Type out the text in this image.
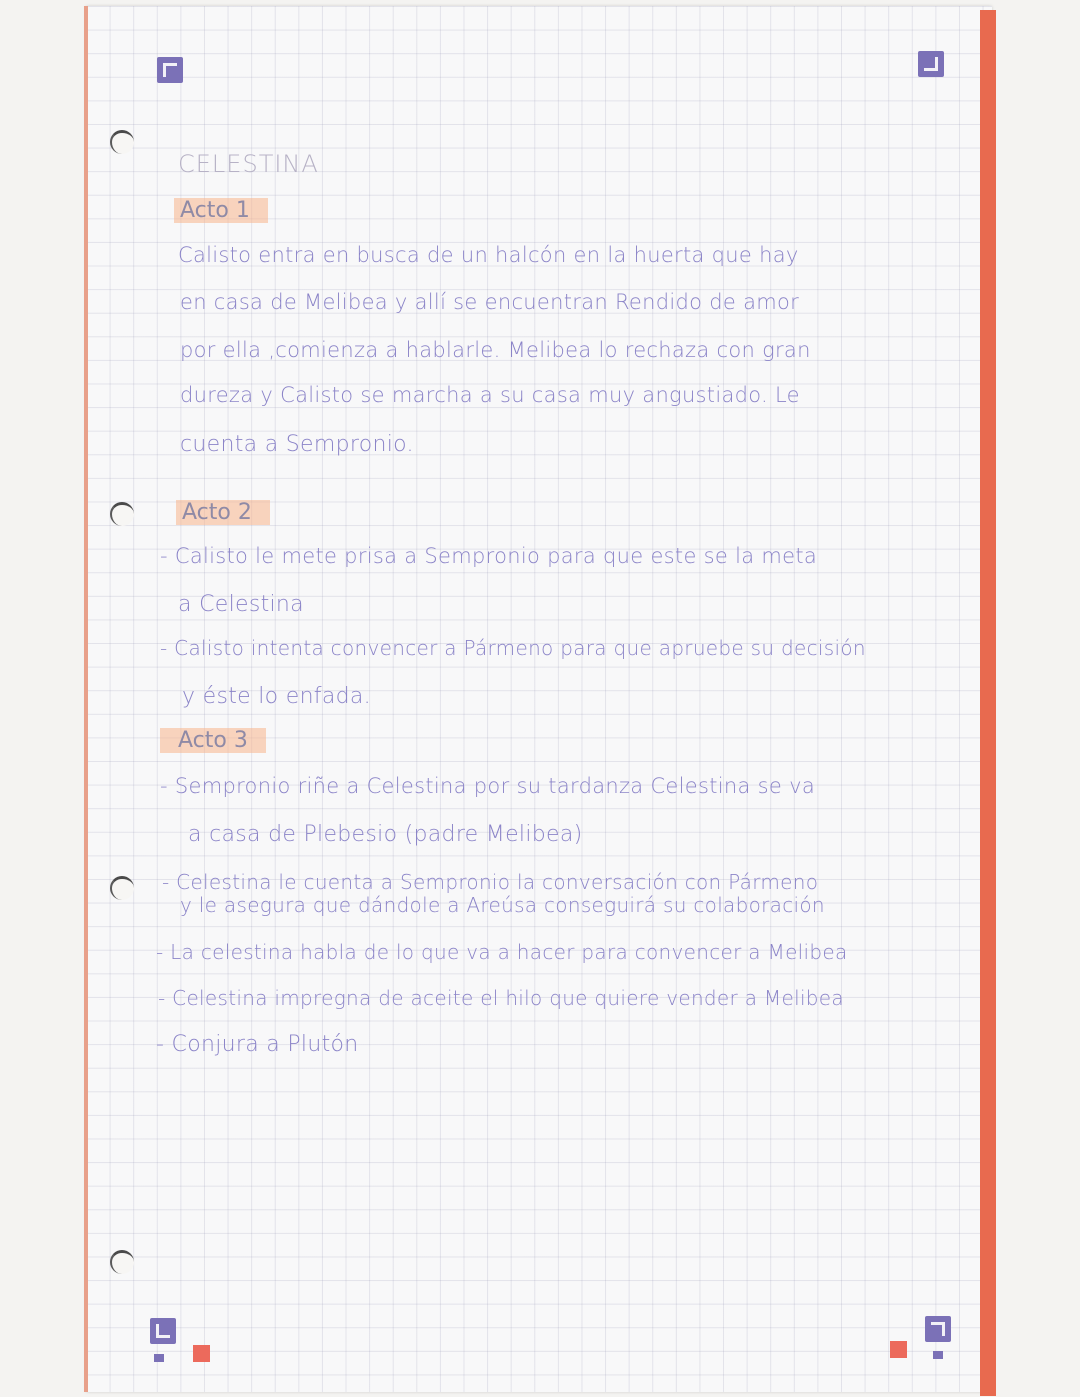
CELESTINA
Acto 1
Calisto entra en busca de un halcón en la huerta que hay
en casa de Melibea y allí se encuentran Rendido de amor
por ella ,comienza a hablarle. Melibea lo rechaza con gran
dureza y Calisto se marcha a su casa muy angustiado. Le
cuenta a Sempronio.
Acto 2
- Calisto le mete prisa a Sempronio para que este se la meta
a Celestina
- Calisto intenta convencer a Pármeno para que apruebe su decisión
y éste lo enfada.
Acto 3
- Sempronio riñe a Celestina por su tardanza Celestina se va
a casa de Plebesio (padre Melibea)
- Celestina le cuenta a Sempronio la conversación con Pármeno
y le asegura que dándole a Areúsa conseguirá su colaboración
- La celestina habla de lo que va a hacer para convencer a Melibea
- Celestina impregna de aceite el hilo que quiere vender a Melibea
- Conjura a Plutón
